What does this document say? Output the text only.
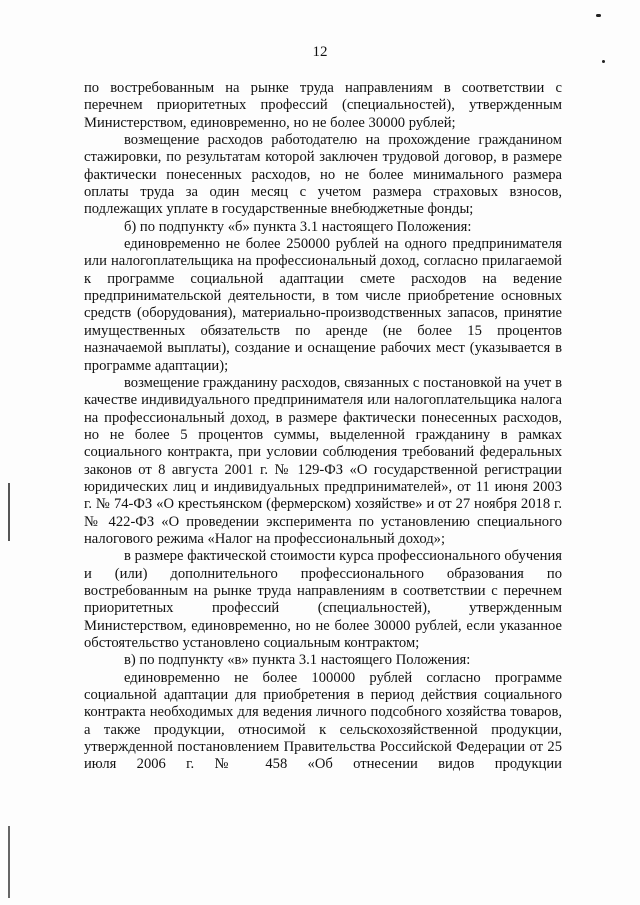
12

по востребованным на рынке труда направлениям в соответствии с перечнем приоритетных профессий (специальностей), утвержденным Министерством, единовременно, но не более 30000 рублей;

возмещение расходов работодателю на прохождение гражданином стажировки, по результатам которой заключен трудовой договор, в размере фактически понесенных расходов, но не более минимального размера оплаты труда за один месяц с учетом размера страховых взносов, подлежащих уплате в государственные внебюджетные фонды;

б) по подпункту «б» пункта 3.1 настоящего Положения:

единовременно не более 250000 рублей на одного предпринимателя или налогоплательщика на профессиональный доход, согласно прилагаемой к программе социальной адаптации смете расходов на ведение предпринимательской деятельности, в том числе приобретение основных средств (оборудования), материально-производственных запасов, принятие имущественных обязательств по аренде (не более 15 процентов назначаемой выплаты), создание и оснащение рабочих мест (указывается в программе адаптации);

возмещение гражданину расходов, связанных с постановкой на учет в качестве индивидуального предпринимателя или налогоплательщика налога на профессиональный доход, в размере фактически понесенных расходов, но не более 5 процентов суммы, выделенной гражданину в рамках социального контракта, при условии соблюдения требований федеральных законов от 8 августа 2001 г. № 129-ФЗ «О государственной регистрации юридических лиц и индивидуальных предпринимателей», от 11 июня 2003 г. № 74-ФЗ «О крестьянском (фермерском) хозяйстве» и от 27 ноября 2018 г. № 422-ФЗ «О проведении эксперимента по установлению специального налогового режима «Налог на профессиональный доход»;

в размере фактической стоимости курса профессионального обучения и (или) дополнительного профессионального образования по востребованным на рынке труда направлениям в соответствии с перечнем приоритетных профессий (специальностей), утвержденным Министерством, единовременно, но не более 30000 рублей, если указанное обстоятельство установлено социальным контрактом;

в) по подпункту «в» пункта 3.1 настоящего Положения:

единовременно не более 100000 рублей согласно программе социальной адаптации для приобретения в период действия социального контракта необходимых для ведения личного подсобного хозяйства товаров, а также продукции, относимой к сельскохозяйственной продукции, утвержденной постановлением Правительства Российской Федерации от 25 июля 2006 г. № 458 «Об отнесении видов продукции
